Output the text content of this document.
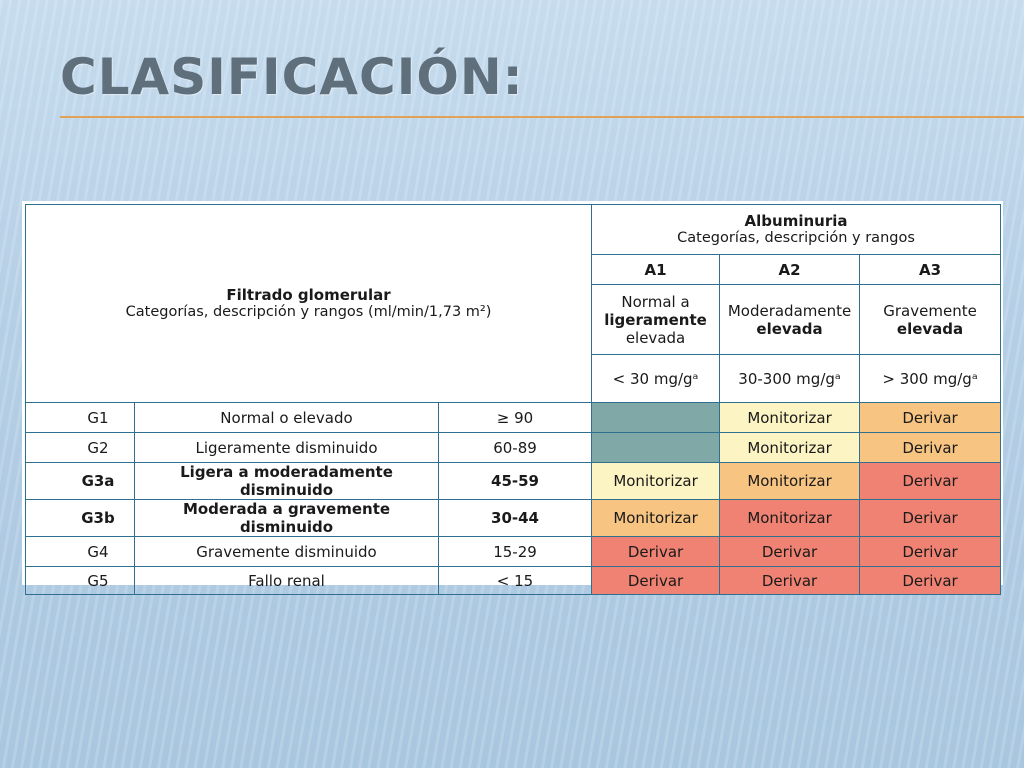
CLASIFICACIÓN:
Filtrado glomerular
Categorías, descripción y rangos (ml/min/1,73 m²)			Albuminuria
Categorías, descripción y rangos		

			A1	A2	A3
			Normal a
ligeramente
elevada	Moderadamente
elevada	Gravemente
elevada
			< 30 mg/gᵃ	30-300 mg/gᵃ	> 300 mg/gᵃ
G1	Normal o elevado	≥ 90		Monitorizar	Derivar
G2	Ligeramente disminuido	60-89		Monitorizar	Derivar
G3a	Ligera a moderadamente disminuido	45-59	Monitorizar	Monitorizar	Derivar
G3b	Moderada a gravemente disminuido	30-44	Monitorizar	Monitorizar	Derivar
G4	Gravemente disminuido	15-29	Derivar	Derivar	Derivar
G5	Fallo renal	< 15	Derivar	Derivar	Derivar
